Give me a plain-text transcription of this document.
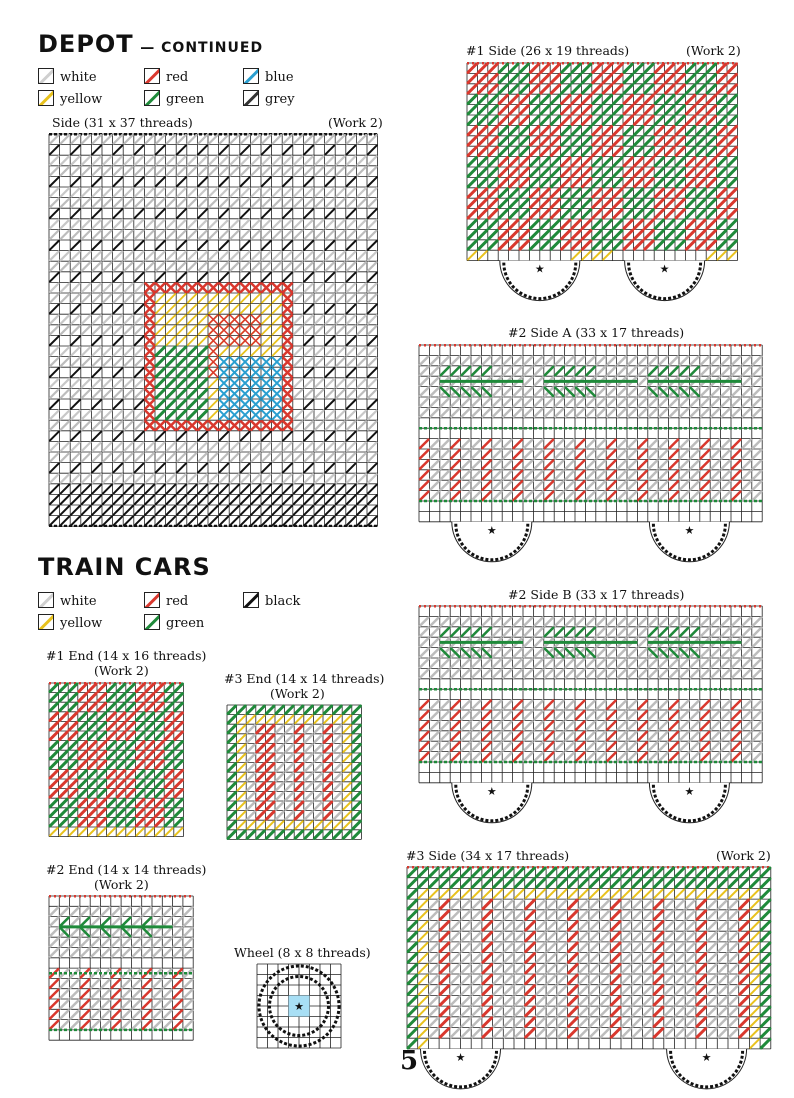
DEPOT — CONTINUED
white	red	blue
yellow	green	grey
Side (31 x 37 threads)	(Work 2)
TRAIN CARS
white	red	black
yellow	green
#1 End (14 x 16 threads)
(Work 2)
#3 End (14 x 14 threads)
(Work 2)
#2 End (14 x 14 threads)
(Work 2)
Wheel (8 x 8 threads)
★
#1 Side (26 x 19 threads)	(Work 2)
★	★
#2 Side A (33 x 17 threads)
★	★
#2 Side B (33 x 17 threads)
★	★
#3 Side (34 x 17 threads)	(Work 2)
★	★
5
